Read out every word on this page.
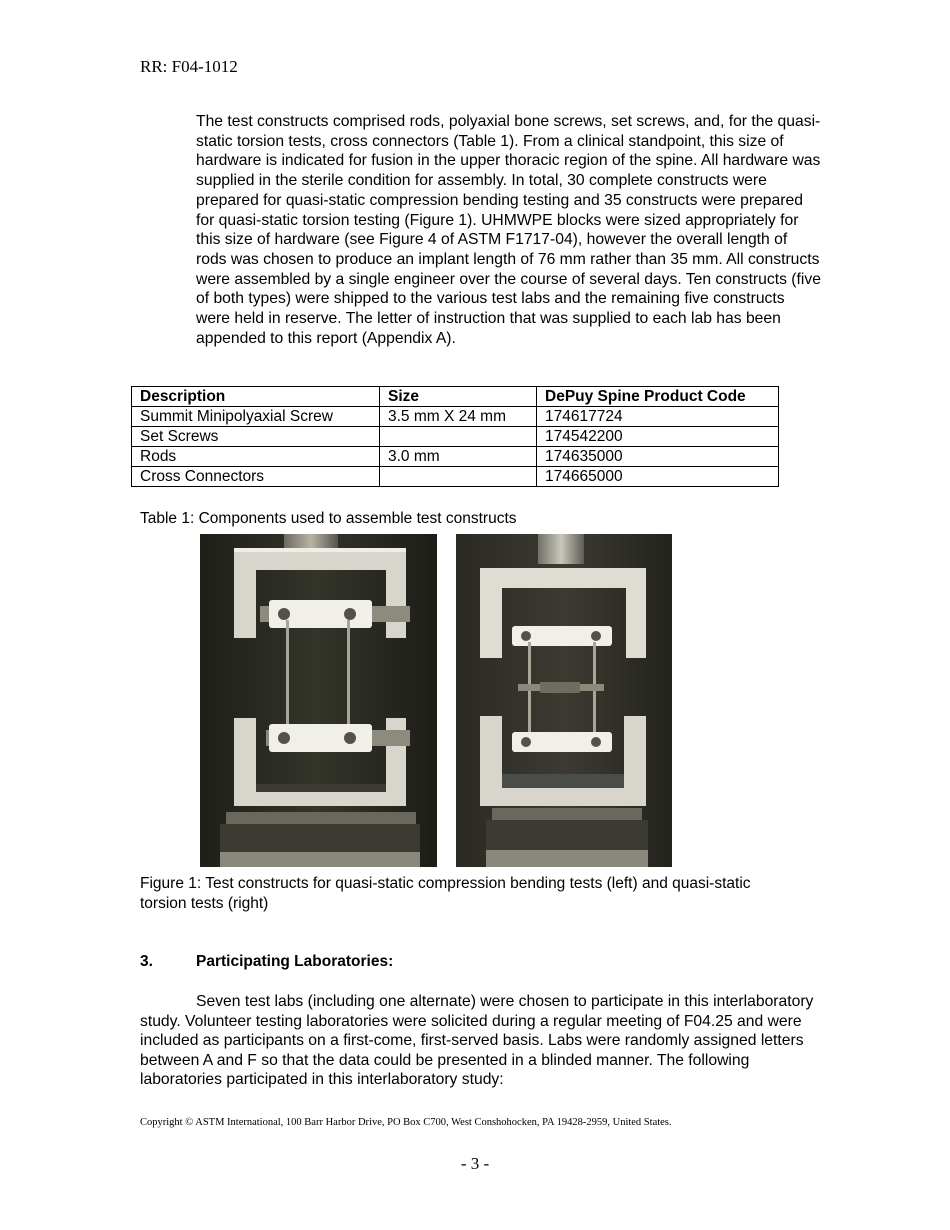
RR: F04-1012

The test constructs comprised rods, polyaxial bone screws, set screws, and, for the quasi-static torsion tests, cross connectors (Table 1). From a clinical standpoint, this size of hardware is indicated for fusion in the upper thoracic region of the spine. All hardware was supplied in the sterile condition for assembly. In total, 30 complete constructs were prepared for quasi-static compression bending testing and 35 constructs were prepared for quasi-static torsion testing (Figure 1). UHMWPE blocks were sized appropriately for this size of hardware (see Figure 4 of ASTM F1717-04), however the overall length of rods was chosen to produce an implant length of 76 mm rather than 35 mm. All constructs were assembled by a single engineer over the course of several days. Ten constructs (five of both types) were shipped to the various test labs and the remaining five constructs were held in reserve. The letter of instruction that was supplied to each lab has been appended to this report (Appendix A).

Description	Size	DePuy Spine Product Code
Summit Minipolyaxial Screw	3.5 mm X 24 mm	174617724
Set Screws		174542200
Rods	3.0 mm	174635000
Cross Connectors		174665000
Table 1: Components used to assemble test constructs

Figure 1: Test constructs for quasi-static compression bending tests (left) and quasi-static torsion tests (right)

3.	Participating Laboratories:

Seven test labs (including one alternate) were chosen to participate in this interlaboratory study. Volunteer testing laboratories were solicited during a regular meeting of F04.25 and were included as participants on a first-come, first-served basis. Labs were randomly assigned letters between A and F so that the data could be presented in a blinded manner. The following laboratories participated in this interlaboratory study:

Copyright © ASTM International, 100 Barr Harbor Drive, PO Box C700, West Conshohocken, PA 19428-2959, United States.
- 3 -
